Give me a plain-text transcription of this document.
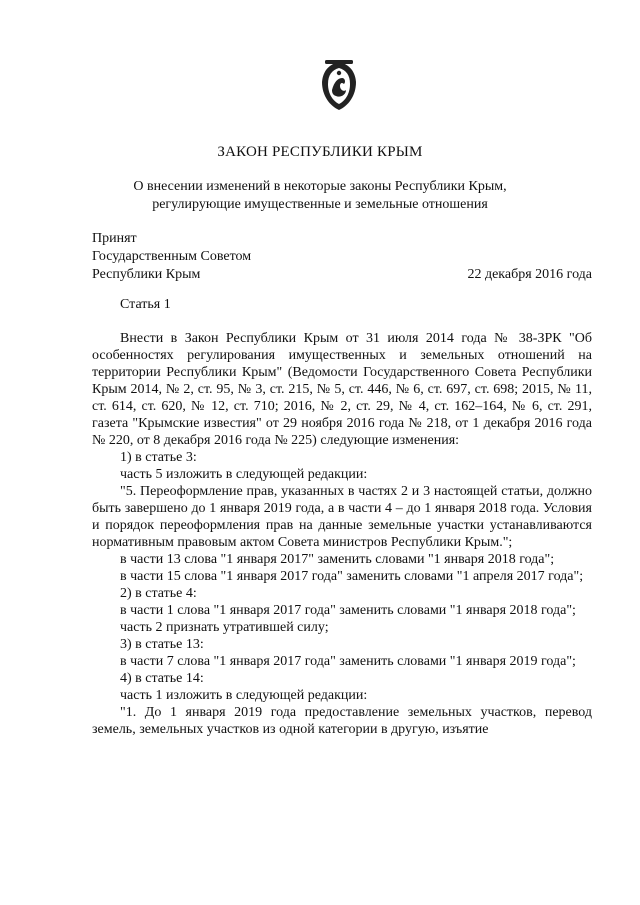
ЗАКОН РЕСПУБЛИКИ КРЫМ
О внесении изменений в некоторые законы Республики Крым,
регулирующие имущественные и земельные отношения
Принят
Государственным Советом
Республики Крым	22 декабря 2016 года
Статья 1

Внести в Закон Республики Крым от 31 июля 2014 года № 38-ЗРК "Об особенностях регулирования имущественных и земельных отношений на территории Республики Крым" (Ведомости Государственного Совета Республики Крым 2014, № 2, ст. 95, № 3, ст. 215, № 5, ст. 446, № 6, ст. 697, ст. 698; 2015, № 11, ст. 614, ст. 620, № 12, ст. 710; 2016, № 2, ст. 29, № 4, ст. 162–164, № 6, ст. 291, газета "Крымские известия" от 29 ноября 2016 года № 218, от 1 декабря 2016 года № 220, от 8 декабря 2016 года № 225) следующие изменения:

1) в статье 3:

часть 5 изложить в следующей редакции:

"5. Переоформление прав, указанных в частях 2 и 3 настоящей статьи, должно быть завершено до 1 января 2019 года, а в части 4 – до 1 января 2018 года. Условия и порядок переоформления прав на данные земельные участки устанавливаются нормативным правовым актом Совета министров Республики Крым.";

в части 13 слова "1 января 2017" заменить словами "1 января 2018 года";

в части 15 слова "1 января 2017 года" заменить словами "1 апреля 2017 года";

2) в статье 4:

в части 1 слова "1 января 2017 года" заменить словами "1 января 2018 года";

часть 2 признать утратившей силу;

3) в статье 13:

в части 7 слова "1 января 2017 года" заменить словами "1 января 2019 года";

4) в статье 14:

часть 1 изложить в следующей редакции:

"1. До 1 января 2019 года предоставление земельных участков, перевод земель, земельных участков из одной категории в другую, изъятие
